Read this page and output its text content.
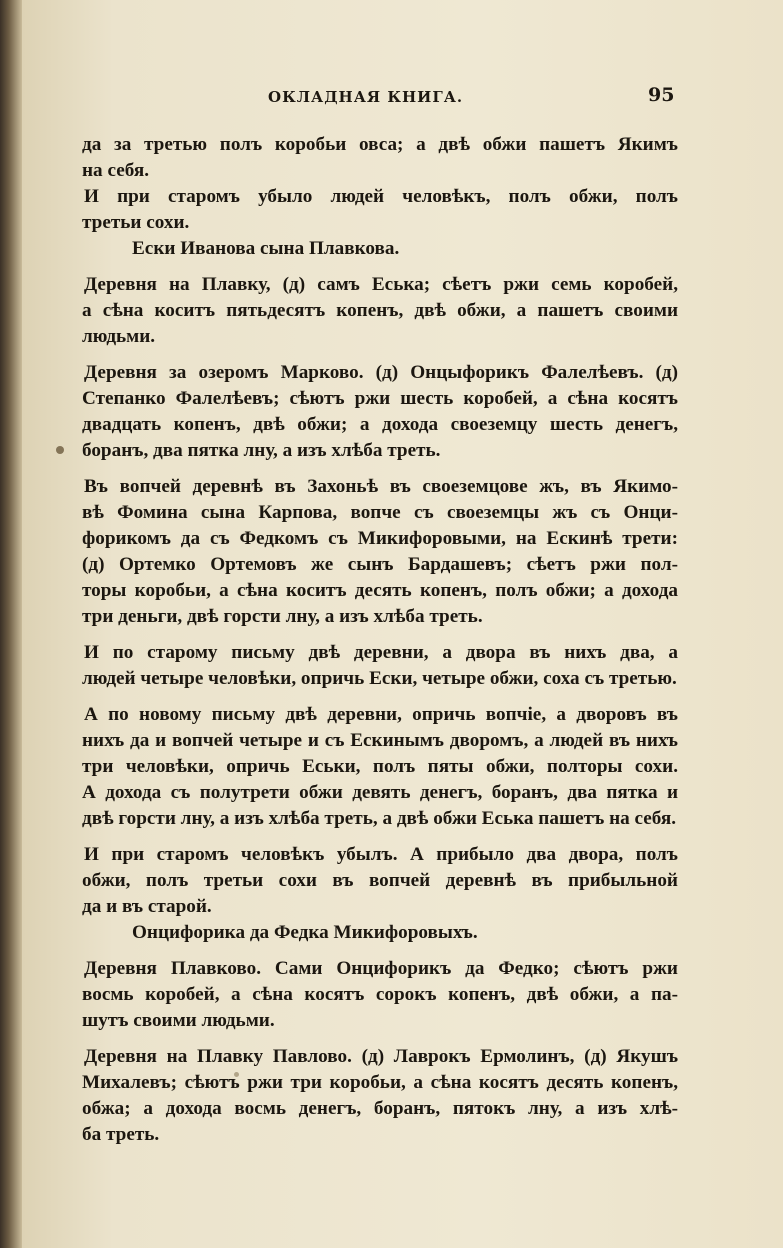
ОКЛАДНАЯ КНИГА.	95
да за третью полъ коробьи овса; а двѣ обжи пашетъ Якимъ
на себя.
И при старомъ убыло людей человѣкъ, полъ обжи, полъ
третьи сохи.
Ески Иванова сына Плавкова.
Деревня на Плавку, (д) самъ Еська; сѣетъ ржи семь коробей,
а сѣна коситъ пятьдесятъ копенъ, двѣ обжи, а пашетъ своими
людьми.
Деревня за озеромъ Марково. (д) Онцыфорикъ Фалелѣевъ. (д)
Степанко Фалелѣевъ; сѣютъ ржи шесть коробей, а сѣна косятъ
двадцать копенъ, двѣ обжи; а дохода своеземцу шесть денегъ,
боранъ, два пятка лну, а изъ хлѣба треть.
Въ вопчей деревнѣ въ Захоньѣ въ своеземцове жъ, въ Якимо-
вѣ Фомина сына Карпова, вопче съ своеземцы жъ съ Онци-
форикомъ да съ Федкомъ съ Микифоровыми, на Ескинѣ трети:
(д) Ортемко Ортемовъ же сынъ Бардашевъ; сѣетъ ржи пол-
торы коробьи, а сѣна коситъ десять копенъ, полъ обжи; а дохода
три деньги, двѣ горсти лну, а изъ хлѣба треть.
И по старому письму двѣ деревни, а двора въ нихъ два, а
людей четыре человѣки, опричь Ески, четыре обжи, соха съ третью.
А по новому письму двѣ деревни, опричь вопчіе, а дворовъ въ
нихъ да и вопчей четыре и съ Ескинымъ дворомъ, а людей въ нихъ
три человѣки, опричь Еськи, полъ пяты обжи, полторы сохи.
А дохода съ полутрети обжи девять денегъ, боранъ, два пятка и
двѣ горсти лну, а изъ хлѣба треть, а двѣ обжи Еська пашетъ на себя.
И при старомъ человѣкъ убылъ. А прибыло два двора, полъ
обжи, полъ третьи сохи въ вопчей деревнѣ въ прибыльной
да и въ старой.
Онцифорика да Федка Микифоровыхъ.
Деревня Плавково. Сами Онцифорикъ да Федко; сѣютъ ржи
восмь коробей, а сѣна косятъ сорокъ копенъ, двѣ обжи, а па-
шутъ своими людьми.
Деревня на Плавку Павлово. (д) Лаврокъ Ермолинъ, (д) Якушъ
Михалевъ; сѣютъ ржи три коробьи, а сѣна косятъ десять копенъ,
обжа; а дохода восмь денегъ, боранъ, пятокъ лну, а изъ хлѣ-
ба треть.
